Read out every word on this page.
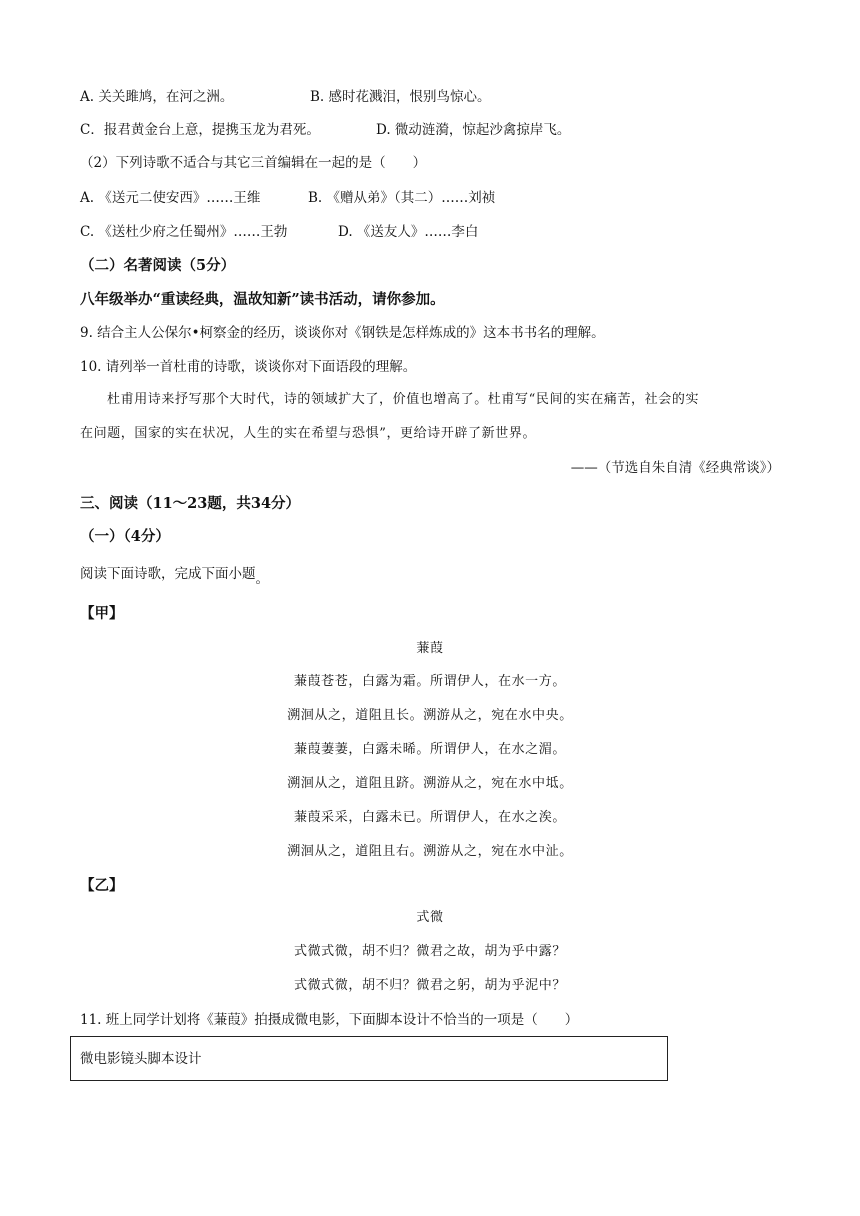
A. 关关雎鸠，在河之洲。	B. 感时花溅泪，恨别鸟惊心。
C．报君黄金台上意，提携玉龙为君死。	D. 微动涟漪，惊起沙禽掠岸飞。
（2）下列诗歌不适合与其它三首编辑在一起的是（　　）
A. 《送元二使安西》……王维	B. 《赠从弟》（其二）……刘祯
C. 《送杜少府之任蜀州》……王勃	D. 《送友人》……李白
（二）名著阅读（5分）
八年级举办“重读经典，温故知新”读书活动，请你参加。
9. 结合主人公保尔•柯察金的经历，谈谈你对《钢铁是怎样炼成的》这本书书名的理解。
10. 请列举一首杜甫的诗歌，谈谈你对下面语段的理解。
杜甫用诗来抒写那个大时代，诗的领域扩大了，价值也增高了。杜甫写“民间的实在痛苦，社会的实
在问题，国家的实在状况，人生的实在希望与恐惧”，更给诗开辟了新世界。
——（节选自朱自清《经典常谈》）
三、阅读（11～23题，共34分）
（一）（4分）
阅读下面诗歌，完成下面小题。
【甲】
蒹葭
蒹葭苍苍，白露为霜。所谓伊人，在水一方。
溯洄从之，道阻且长。溯游从之，宛在水中央。
蒹葭萋萋，白露未晞。所谓伊人，在水之湄。
溯洄从之，道阻且跻。溯游从之，宛在水中坻。
蒹葭采采，白露未已。所谓伊人，在水之涘。
溯洄从之，道阻且右。溯游从之，宛在水中沚。
【乙】
式微
式微式微，胡不归？微君之故，胡为乎中露？
式微式微，胡不归？微君之躬，胡为乎泥中？
11. 班上同学计划将《蒹葭》拍摄成微电影，下面脚本设计不恰当的一项是（　　）
微电影镜头脚本设计
